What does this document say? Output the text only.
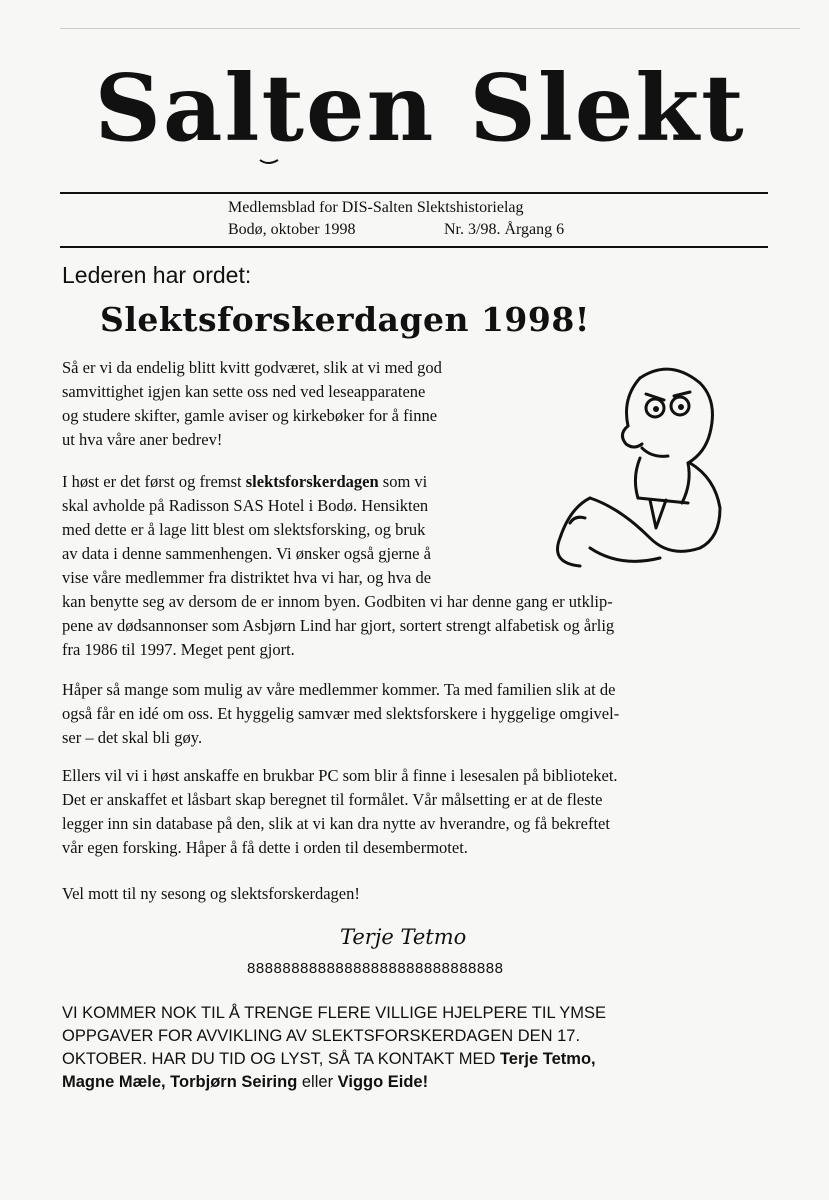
Salten Slekt
Medlemsblad for DIS-Salten Slektshistorielag
Bodø, oktober 1998	Nr. 3/98. Årgang 6
Lederen har ordet:
Slektsforskerdagen 1998!
Så er vi da endelig blitt kvitt godværet, slik at vi med god
samvittighet igjen kan sette oss ned ved leseapparatene
og studere skifter, gamle aviser og kirkebøker for å finne
ut hva våre aner bedrev!
I høst er det først og fremst slektsforskerdagen som vi
skal avholde på Radisson SAS Hotel i Bodø. Hensikten
med dette er å lage litt blest om slektsforsking, og bruk
av data i denne sammenhengen. Vi ønsker også gjerne å
vise våre medlemmer fra distriktet hva vi har, og hva de
kan benytte seg av dersom de er innom byen. Godbiten vi har denne gang er utklip-
pene av dødsannonser som Asbjørn Lind har gjort, sortert strengt alfabetisk og årlig
fra 1986 til 1997. Meget pent gjort.
Håper så mange som mulig av våre medlemmer kommer. Ta med familien slik at de
også får en idé om oss. Et hyggelig samvær med slektsforskere i hyggelige omgivel-
ser – det skal bli gøy.
Ellers vil vi i høst anskaffe en brukbar PC som blir å finne i lesesalen på biblioteket.
Det er anskaffet et låsbart skap beregnet til formålet. Vår målsetting er at de fleste
legger inn sin database på den, slik at vi kan dra nytte av hverandre, og få bekreftet
vår egen forsking. Håper å få dette i orden til desembermotet.
Vel mott til ny sesong og slektsforskerdagen!
Terje Tetmo
88888888888888888888888888888
VI KOMMER NOK TIL Å TRENGE FLERE VILLIGE HJELPERE TIL YMSE
OPPGAVER FOR AVVIKLING AV SLEKTSFORSKERDAGEN DEN 17.
OKTOBER. HAR DU TID OG LYST, SÅ TA KONTAKT MED Terje Tetmo,
Magne Mæle, Torbjørn Seiring eller Viggo Eide!
